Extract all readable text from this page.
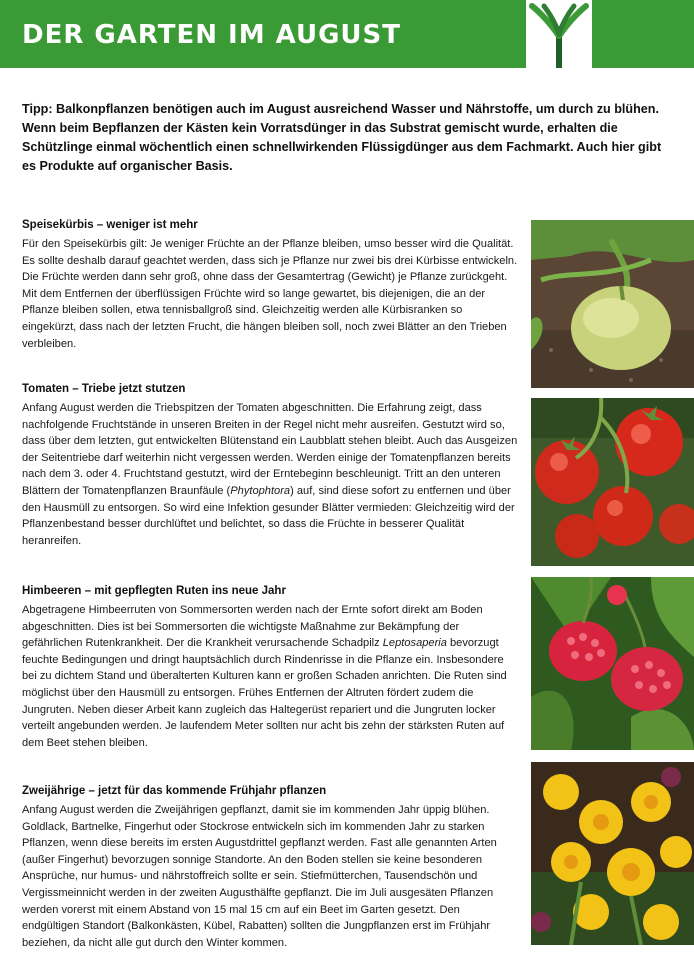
DER GARTEN IM AUGUST
Tipp: Balkonpflanzen benötigen auch im August ausreichend Wasser und Nährstoffe, um durch zu blühen. Wenn beim Bepflanzen der Kästen kein Vorratsdünger in das Substrat gemischt wurde, erhalten die Schützlinge einmal wöchentlich einen schnellwirkenden Flüssigdünger aus dem Fachmarkt. Auch hier gibt es Produkte auf organischer Basis.
Speisekürbis – weniger ist mehr

Für den Speisekürbis gilt: Je weniger Früchte an der Pflanze bleiben, umso besser wird die Qualität. Es sollte deshalb darauf geachtet werden, dass sich je Pflanze nur zwei bis drei Kürbisse entwickeln. Die Früchte werden dann sehr groß, ohne dass der Gesamtertrag (Gewicht) je Pflanze zurückgeht. Mit dem Entfernen der überflüssigen Früchte wird so lange gewartet, bis diejenigen, die an der Pflanze bleiben sollen, etwa tennisballgroß sind. Gleichzeitig werden alle Kürbisranken so eingekürzt, dass nach der letzten Frucht, die hängen bleiben soll, noch zwei Blätter an den Trieben verbleiben.

Tomaten – Triebe jetzt stutzen

Anfang August werden die Triebspitzen der Tomaten abgeschnitten. Die Erfahrung zeigt, dass nachfolgende Fruchtstände in unseren Breiten in der Regel nicht mehr ausreifen. Gestutzt wird so, dass über dem letzten, gut entwickelten Blütenstand ein Laubblatt stehen bleibt. Auch das Ausgeizen der Seitentriebe darf weiterhin nicht vergessen werden. Werden einige der Tomatenpflanzen bereits nach dem 3. oder 4. Fruchtstand gestutzt, wird der Erntebeginn beschleunigt. Tritt an den unteren Blättern der Tomatenpflanzen Braunfäule (Phytophtora) auf, sind diese sofort zu entfernen und über den Hausmüll zu entsorgen. So wird eine Infektion gesunder Blätter vermieden: Gleichzeitig wird der Pflanzenbestand besser durchlüftet und belichtet, so dass die Früchte in besserer Qualität heranreifen.

Himbeeren – mit gepflegten Ruten ins neue Jahr

Abgetragene Himbeerruten von Sommersorten werden nach der Ernte sofort direkt am Boden abgeschnitten. Dies ist bei Sommersorten die wichtigste Maßnahme zur Bekämpfung der gefährlichen Rutenkrankheit. Der die Krankheit verursachende Schadpilz Leptosaperia bevorzugt feuchte Bedingungen und dringt hauptsächlich durch Rindenrisse in die Pflanze ein. Insbesondere bei zu dichtem Stand und überalterten Kulturen kann er großen Schaden anrichten. Die Ruten sind möglichst über den Hausmüll zu entsorgen. Frühes Entfernen der Altruten fördert zudem die Jungruten. Neben dieser Arbeit kann zugleich das Haltegerüst repariert und die Jungruten locker verteilt angebunden werden. Je laufendem Meter sollten nur acht bis zehn der stärksten Ruten auf dem Beet stehen bleiben.

Zweijährige – jetzt für das kommende Frühjahr pflanzen

Anfang August werden die Zweijährigen gepflanzt, damit sie im kommenden Jahr üppig blühen. Goldlack, Bartnelke, Fingerhut oder Stockrose entwickeln sich im kommenden Jahr zu starken Pflanzen, wenn diese bereits im ersten Augustdrittel gepflanzt werden. Fast alle genannten Arten (außer Fingerhut) bevorzugen sonnige Standorte. An den Boden stellen sie keine besonderen Ansprüche, nur humus- und nährstoffreich sollte er sein. Stiefmütterchen, Tausendschön und Vergissmeinnicht werden in der zweiten Augusthälfte gepflanzt. Die im Juli ausgesäten Pflanzen werden vorerst mit einem Abstand von 15 mal 15 cm auf ein Beet im Garten gesetzt. Den endgültigen Standort (Balkonkästen, Kübel, Rabatten) sollten die Jungpflanzen erst im Frühjahr beziehen, da nicht alle gut durch den Winter kommen.
